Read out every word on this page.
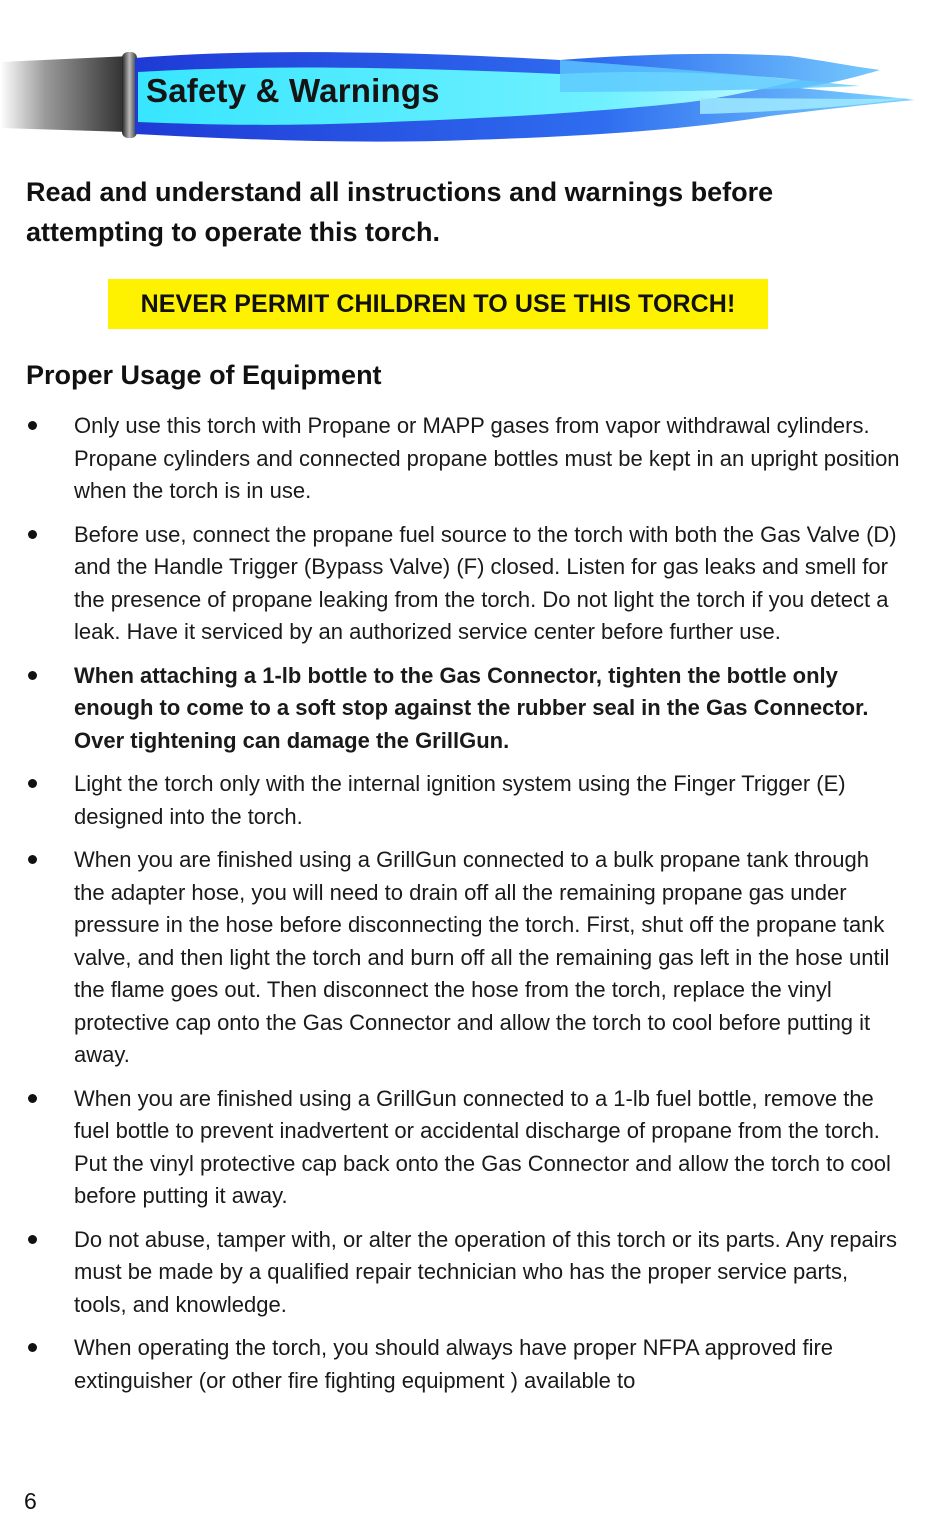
Safety & Warnings
Read and understand all instructions and warnings before attempting to operate this torch.
NEVER PERMIT CHILDREN TO USE THIS TORCH!
Proper Usage of Equipment
Only use this torch with Propane or MAPP gases from vapor withdrawal cylinders. Propane cylinders and connected propane bottles must be kept in an upright position when the torch is in use.
Before use, connect the propane fuel source to the torch with both the Gas Valve (D) and the Handle Trigger (Bypass Valve) (F) closed. Listen for gas leaks and smell for the presence of propane leaking from the torch. Do not light the torch if you detect a leak. Have it serviced by an authorized service center before further use.
When attaching a 1-lb bottle to the Gas Connector, tighten the bottle only enough to come to a soft stop against the rubber seal in the Gas Connector. Over tightening can damage the GrillGun.
Light the torch only with the internal ignition system using the Finger Trigger (E) designed into the torch.
When you are finished using a GrillGun connected to a bulk propane tank through the adapter hose, you will need to drain off all the remaining propane gas under pressure in the hose before disconnecting the torch. First, shut off the propane tank valve, and then light the torch and burn off all the remaining gas left in the hose until the flame goes out. Then disconnect the hose from the torch, replace the vinyl protective cap onto the Gas Connector and allow the torch to cool before putting it away.
When you are finished using a GrillGun connected to a 1-lb fuel bottle, remove the fuel bottle to prevent inadvertent or accidental discharge of propane from the torch. Put the vinyl protective cap back onto the Gas Connector and allow the torch to cool before putting it away.
Do not abuse, tamper with, or alter the operation of this torch or its parts. Any repairs must be made by a qualified repair technician who has the proper service parts, tools, and knowledge.
When operating the torch, you should always have proper NFPA approved fire extinguisher (or other fire fighting equipment ) available to
6
